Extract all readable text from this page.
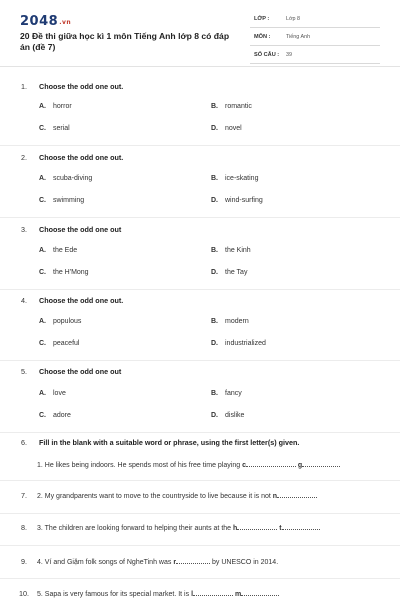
2048.vn
20 Đề thi giữa học kì 1 môn Tiếng Anh lớp 8 có đáp án (đề 7)
LỚP :	Lớp 8
MÔN :	Tiếng Anh
SỐ CÂU : 39
1. Choose the odd one out.
A. horror	B. romantic
C. serial	D. novel
2. Choose the odd one out.
A. scuba-diving	B. ice-skating
C. swimming	D. wind-surfing
3. Choose the odd one out
A. the Ede	B. the Kinh
C. the H'Mong	D. the Tay
4. Choose the odd one out.
A. populous	B. modern
C. peaceful	D. industrialized
5. Choose the odd one out
A. love	B. fancy
C. adore	D. dislike
6. Fill in the blank with a suitable word or phrase, using the first letter(s) given.
1. He likes being indoors. He spends most of his free time playing c	g
7. 2. My grandparents want to move to the countryside to live because it is not n
8. 3. The children are looking forward to helping their aunts at the h	t
9. 4. Ví and Giặm folk songs of NgheTinh was r	by UNESCO in 2014.
10. 5. Sapa is very famous for its special market. It is l	m
